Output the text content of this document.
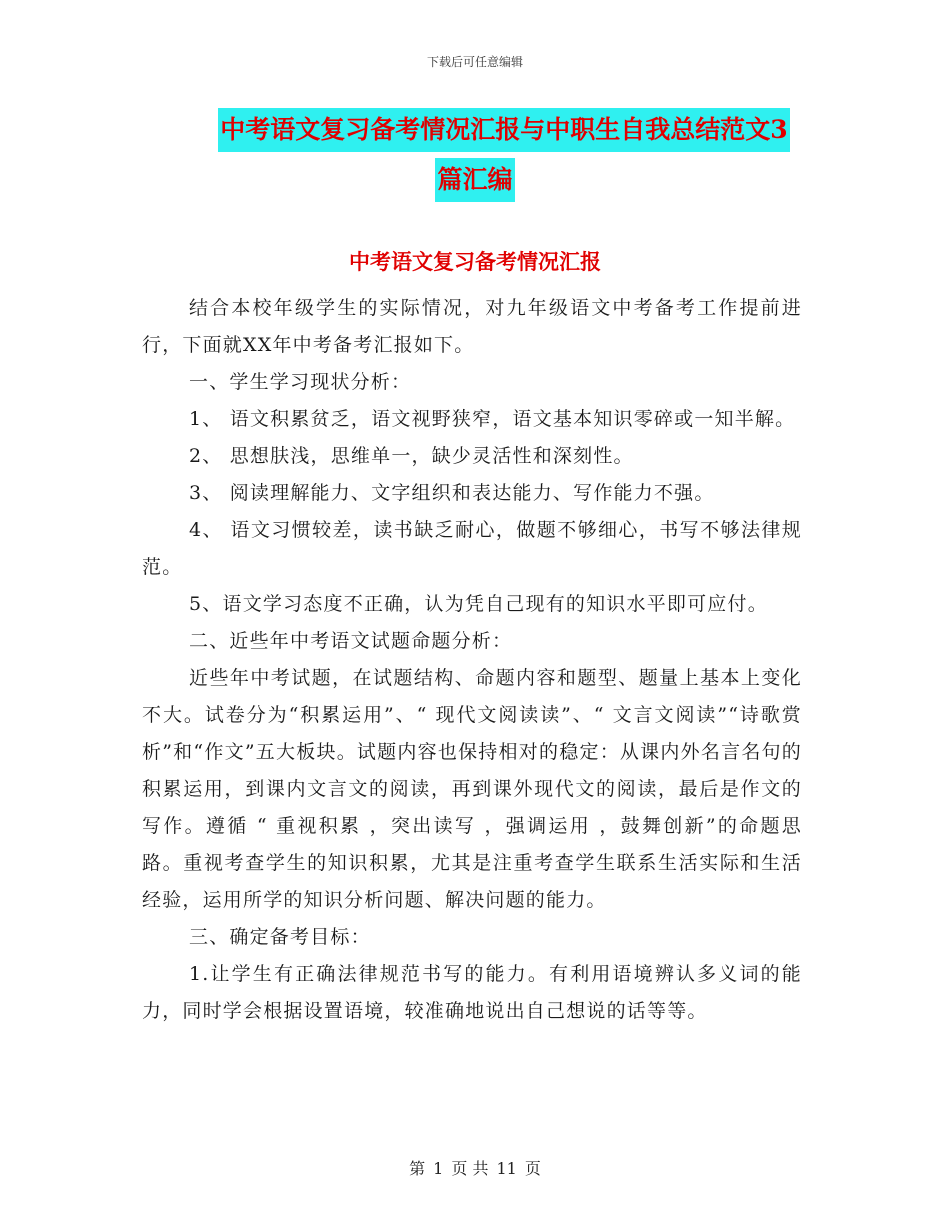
下载后可任意编辑
中考语文复习备考情况汇报与中职生自我总结范文3
篇汇编
中考语文复习备考情况汇报

结合本校年级学生的实际情况，对九年级语文中考备考工作提前进行，下面就XX年中考备考汇报如下。

一、学生学习现状分析：

1、 语文积累贫乏，语文视野狭窄，语文基本知识零碎或一知半解。

2、 思想肤浅，思维单一，缺少灵活性和深刻性。

3、 阅读理解能力、文字组织和表达能力、写作能力不强。

4、 语文习惯较差，读书缺乏耐心，做题不够细心，书写不够法律规范。

5、语文学习态度不正确，认为凭自己现有的知识水平即可应付。

二、近些年中考语文试题命题分析：

近些年中考试题，在试题结构、命题内容和题型、题量上基本上变化不大。试卷分为“积累运用”、“ 现代文阅读读”、“ 文言文阅读”“诗歌赏析”和“作文”五大板块。试题内容也保持相对的稳定：从课内外名言名句的积累运用，到课内文言文的阅读，再到课外现代文的阅读，最后是作文的写作。遵循 “ 重视积累 ，突出读写 ，强调运用 ，鼓舞创新”的命题思路。重视考查学生的知识积累，尤其是注重考查学生联系生活实际和生活经验，运用所学的知识分析问题、解决问题的能力。

三、确定备考目标：

1.让学生有正确法律规范书写的能力。有利用语境辨认多义词的能力，同时学会根据设置语境，较准确地说出自己想说的话等等。

第 1 页 共 11 页
